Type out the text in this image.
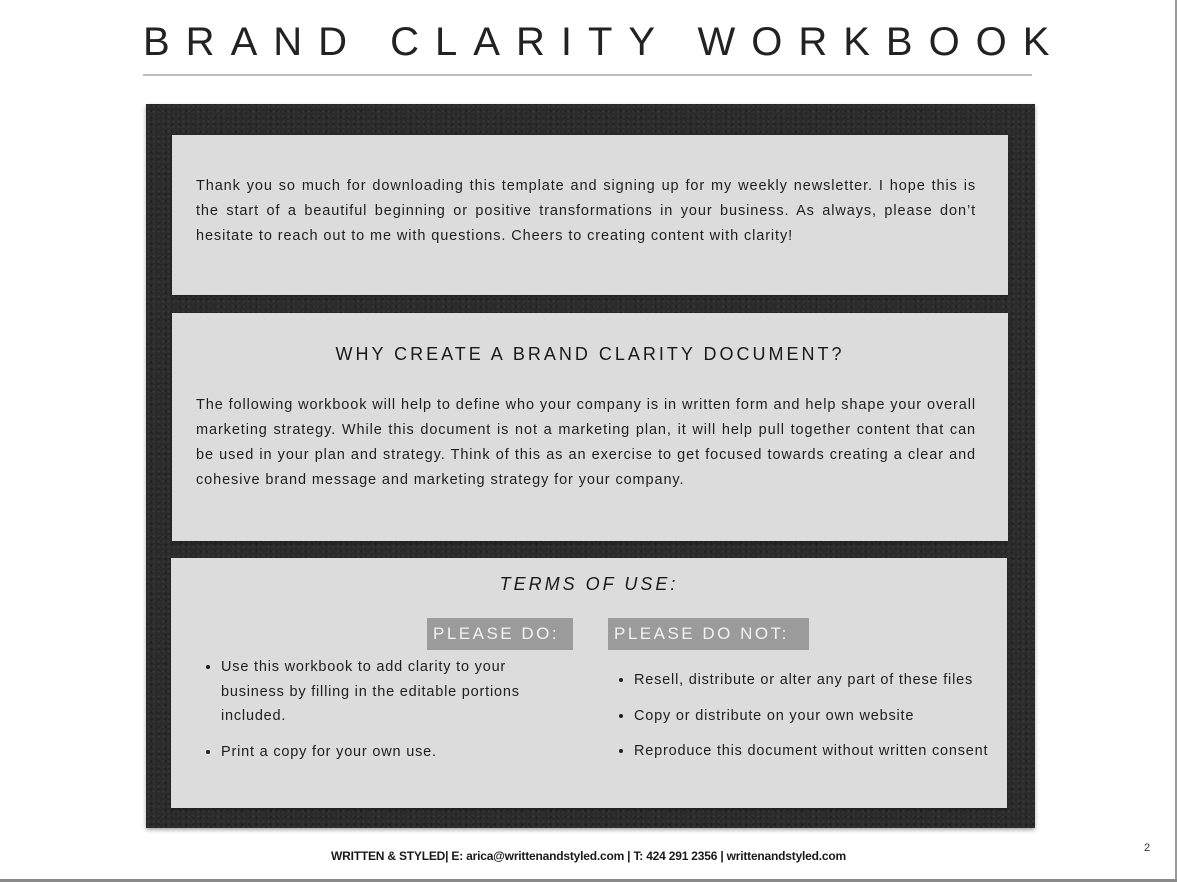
BRAND CLARITY WORKBOOK
Thank you so much for downloading this template and signing up for my weekly newsletter. I hope this is the start of a beautiful beginning or positive transformations in your business. As always, please don’t hesitate to reach out to me with questions. Cheers to creating content with clarity!
WHY CREATE A BRAND CLARITY DOCUMENT?
The following workbook will help to define who your company is in written form and help shape your overall marketing strategy. While this document is not a marketing plan, it will help pull together content that can be used in your plan and strategy. Think of this as an exercise to get focused towards creating a clear and cohesive brand message and marketing strategy for your company.
TERMS OF USE:
PLEASE DO:	PLEASE DO NOT:
• Use this workbook to add clarity to your business by filling in the editable portions included.
• Print a copy for your own use.
• Resell, distribute or alter any part of these files
• Copy or distribute on your own website
• Reproduce this document without written consent
WRITTEN & STYLED| E: arica@writtenandstyled.com | T: 424 291 2356 | writtenandstyled.com
2
